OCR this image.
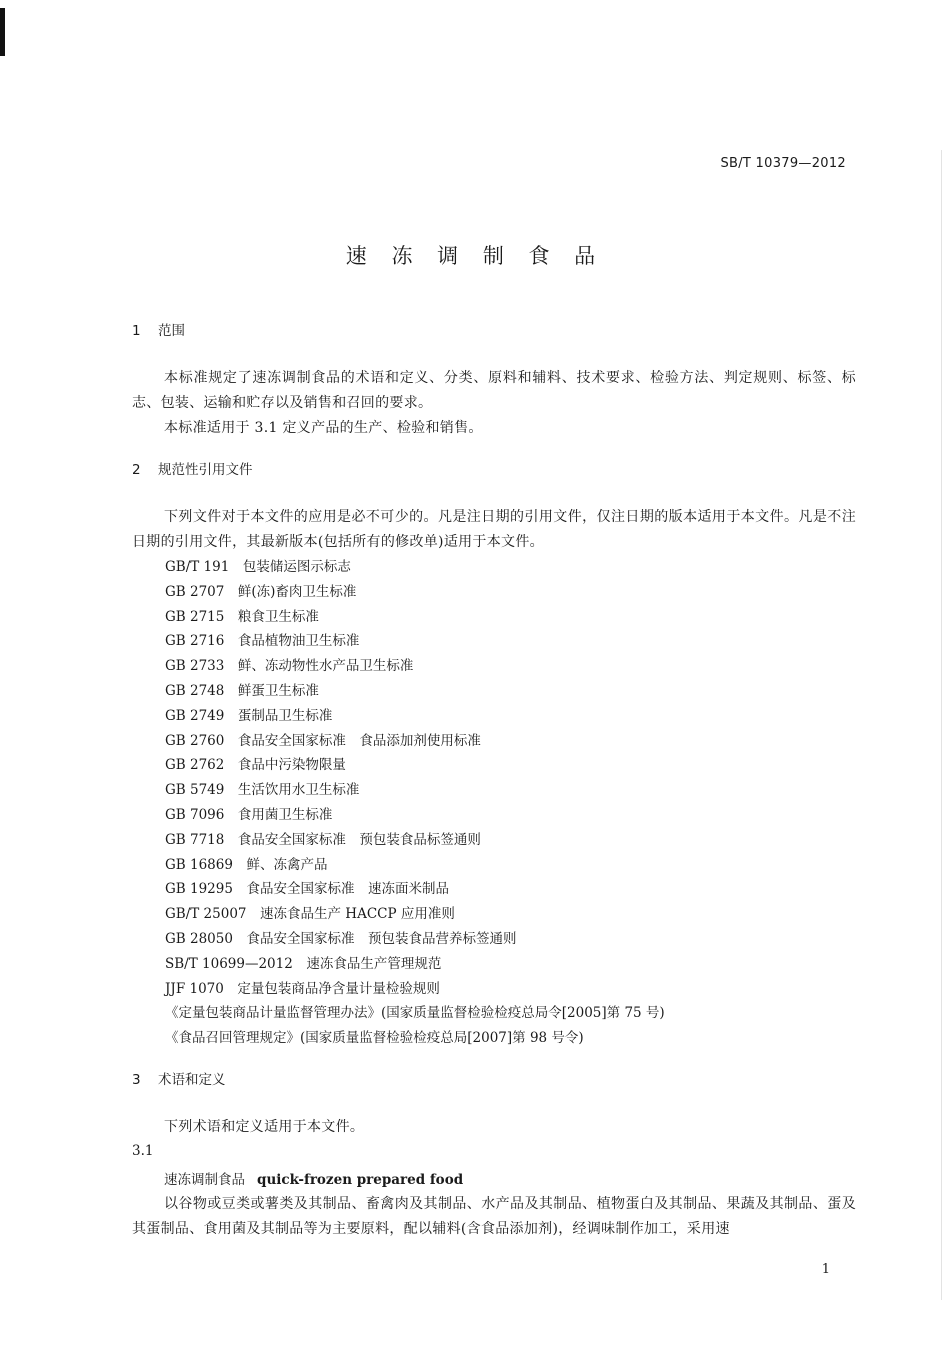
SB/T 10379—2012
速 冻 调 制 食 品
1 范围

本标准规定了速冻调制食品的术语和定义、分类、原料和辅料、技术要求、检验方法、判定规则、标签、标志、包装、运输和贮存以及销售和召回的要求。

本标准适用于 3.1 定义产品的生产、检验和销售。

2 规范性引用文件

下列文件对于本文件的应用是必不可少的。凡是注日期的引用文件，仅注日期的版本适用于本文件。凡是不注日期的引用文件，其最新版本(包括所有的修改单)适用于本文件。

GB/T 191　 包装储运图示标志
GB 2707　 鲜(冻)畜肉卫生标准
GB 2715　 粮食卫生标准
GB 2716　 食品植物油卫生标准
GB 2733　 鲜、冻动物性水产品卫生标准
GB 2748　 鲜蛋卫生标准
GB 2749　 蛋制品卫生标准
GB 2760　 食品安全国家标准　食品添加剂使用标准
GB 2762　 食品中污染物限量
GB 5749　 生活饮用水卫生标准
GB 7096　 食用菌卫生标准
GB 7718　 食品安全国家标准　预包装食品标签通则
GB 16869　 鲜、冻禽产品
GB 19295　 食品安全国家标准　速冻面米制品
GB/T 25007　 速冻食品生产 HACCP 应用准则
GB 28050　 食品安全国家标准　预包装食品营养标签通则
SB/T 10699—2012　 速冻食品生产管理规范
JJF 1070　 定量包装商品净含量计量检验规则
《定量包装商品计量监督管理办法》(国家质量监督检验检疫总局令[2005]第 75 号)
《食品召回管理规定》(国家质量监督检验检疫总局[2007]第 98 号令)
3 术语和定义

下列术语和定义适用于本文件。

3.1
速冻调制食品 quick-frozen prepared food

以谷物或豆类或薯类及其制品、畜禽肉及其制品、水产品及其制品、植物蛋白及其制品、果蔬及其制品、蛋及其蛋制品、食用菌及其制品等为主要原料，配以辅料(含食品添加剂)，经调味制作加工，采用速

1
